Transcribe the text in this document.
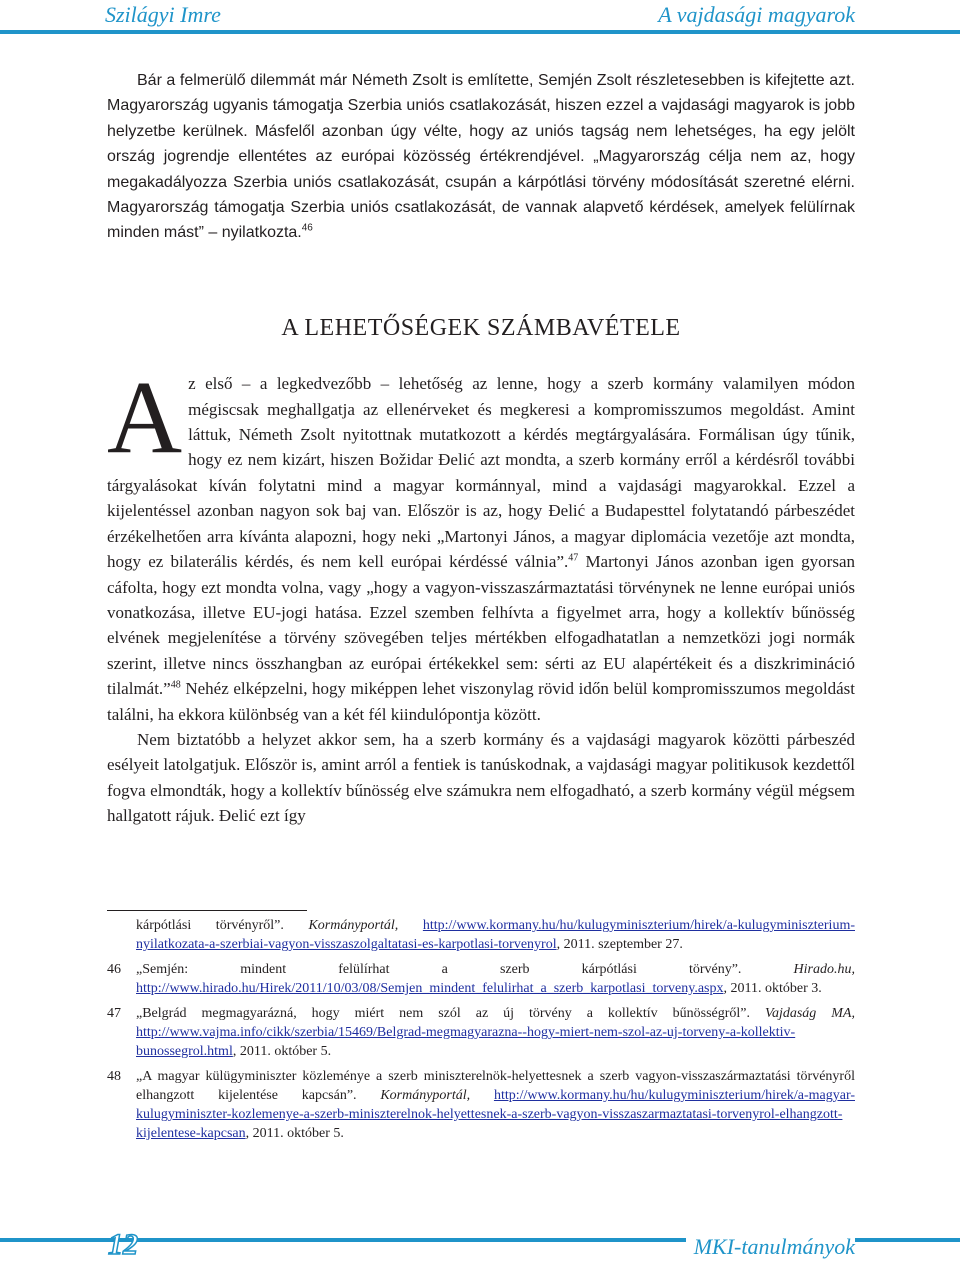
Szilágyi Imre	A vajdasági magyarok

Bár a felmerülő dilemmát már Németh Zsolt is említette, Semjén Zsolt részletesebben is kifejtette azt. Magyarország ugyanis támogatja Szerbia uniós csatlakozását, hiszen ezzel a vajdasági magyarok is jobb helyzetbe kerülnek. Másfelől azonban úgy vélte, hogy az uniós tagság nem lehetséges, ha egy jelölt ország jogrendje ellentétes az európai közösség értékrendjével. „Magyarország célja nem az, hogy megakadályozza Szerbia uniós csatlakozását, csupán a kárpótlási törvény módosítását szeretné elérni. Magyarország támogatja Szerbia uniós csatlakozását, de vannak alapvető kérdések, amelyek felülírnak minden mást” – nyilatkozta.$^{46}$

A LEHETŐSÉGEK SZÁMBAVÉTELE

A z első – a legkedvezőbb – lehetőség az lenne, hogy a szerb kormány valamilyen módon mégiscsak meghallgatja az ellenérveket és megkeresi a kompromisszumos megoldást. Amint láttuk, Németh Zsolt nyitottnak mutatkozott a kérdés megtárgyalására. Formálisan úgy tűnik, hogy ez nem kizárt, hiszen Božidar Đelić azt mondta, a szerb kormány erről a kérdésről további tárgyalásokat kíván folytatni mind a magyar kormánnyal, mind a vajdasági magyarokkal. Ezzel a kijelentéssel azonban nagyon sok baj van. Először is az, hogy Đelić a Budapesttel folytatandó párbeszédet érzékelhetően arra kívánta alapozni, hogy neki „Martonyi János, a magyar diplomácia vezetője azt mondta, hogy ez bilaterális kérdés, és nem kell európai kérdéssé válnia”.$^{47}$ Martonyi János azonban igen gyorsan cáfolta, hogy ezt mondta volna, vagy „hogy a vagyon-visszaszármaztatási törvénynek ne lenne európai uniós vonatkozása, illetve EU-jogi hatása. Ezzel szemben felhívta a figyelmet arra, hogy a kollektív bűnösség elvének megjelenítése a törvény szövegében teljes mértékben elfogadhatatlan a nemzetközi jogi normák szerint, illetve nincs összhangban az európai értékekkel sem: sérti az EU alapértékeit és a diszkrimináció tilalmát.”$^{48}$ Nehéz elképzelni, hogy miképpen lehet viszonylag rövid időn belül kompromisszumos megoldást találni, ha ekkora különbség van a két fél kiindulópontja között.

Nem biztatóbb a helyzet akkor sem, ha a szerb kormány és a vajdasági magyarok közötti párbeszéd esélyeit latolgatjuk. Először is, amint arról a fentiek is tanúskodnak, a vajdasági magyar politikusok kezdettől fogva elmondták, hogy a kollektív bűnösség elve számukra nem elfogadható, a szerb kormány végül mégsem hallgatott rájuk. Đelić ezt így

kárpótlási törvényről”. Kormányportál, http://www.kormany.hu/hu/kulugyminiszterium/hirek/a-kulugyminiszterium-nyilatkozata-a-szerbiai-vagyon-visszaszolgaltatasi-es-karpotlasi-torvenyrol, 2011. szeptember 27.
46 „Semjén: mindent felülírhat a szerb kárpótlási törvény”. Hirado.hu, http://www.hirado.hu/Hirek/2011/10/03/08/Semjen_mindent_felulirhat_a_szerb_karpotlasi_torveny.aspx, 2011. október 3.
47 „Belgrád megmagyarázná, hogy miért nem szól az új törvény a kollektív bűnösségről”. Vajdaság MA, http://www.vajma.info/cikk/szerbia/15469/Belgrad-megmagyarazna--hogy-miert-nem-szol-az-uj-torveny-a-kollektiv-bunossegrol.html, 2011. október 5.
48 „A magyar külügyminiszter közleménye a szerb miniszterelnök-helyettesnek a szerb vagyon-visszaszármaztatási törvényről elhangzott kijelentése kapcsán”. Kormányportál, http://www.kormany.hu/hu/kulugyminiszterium/hirek/a-magyar-kulugyminiszter-kozlemenye-a-szerb-miniszterelnok-helyettesnek-a-szerb-vagyon-visszaszarmaztatasi-torvenyrol-elhangzott-kijelentese-kapcsan, 2011. október 5.
12	MKI-tanulmányok
